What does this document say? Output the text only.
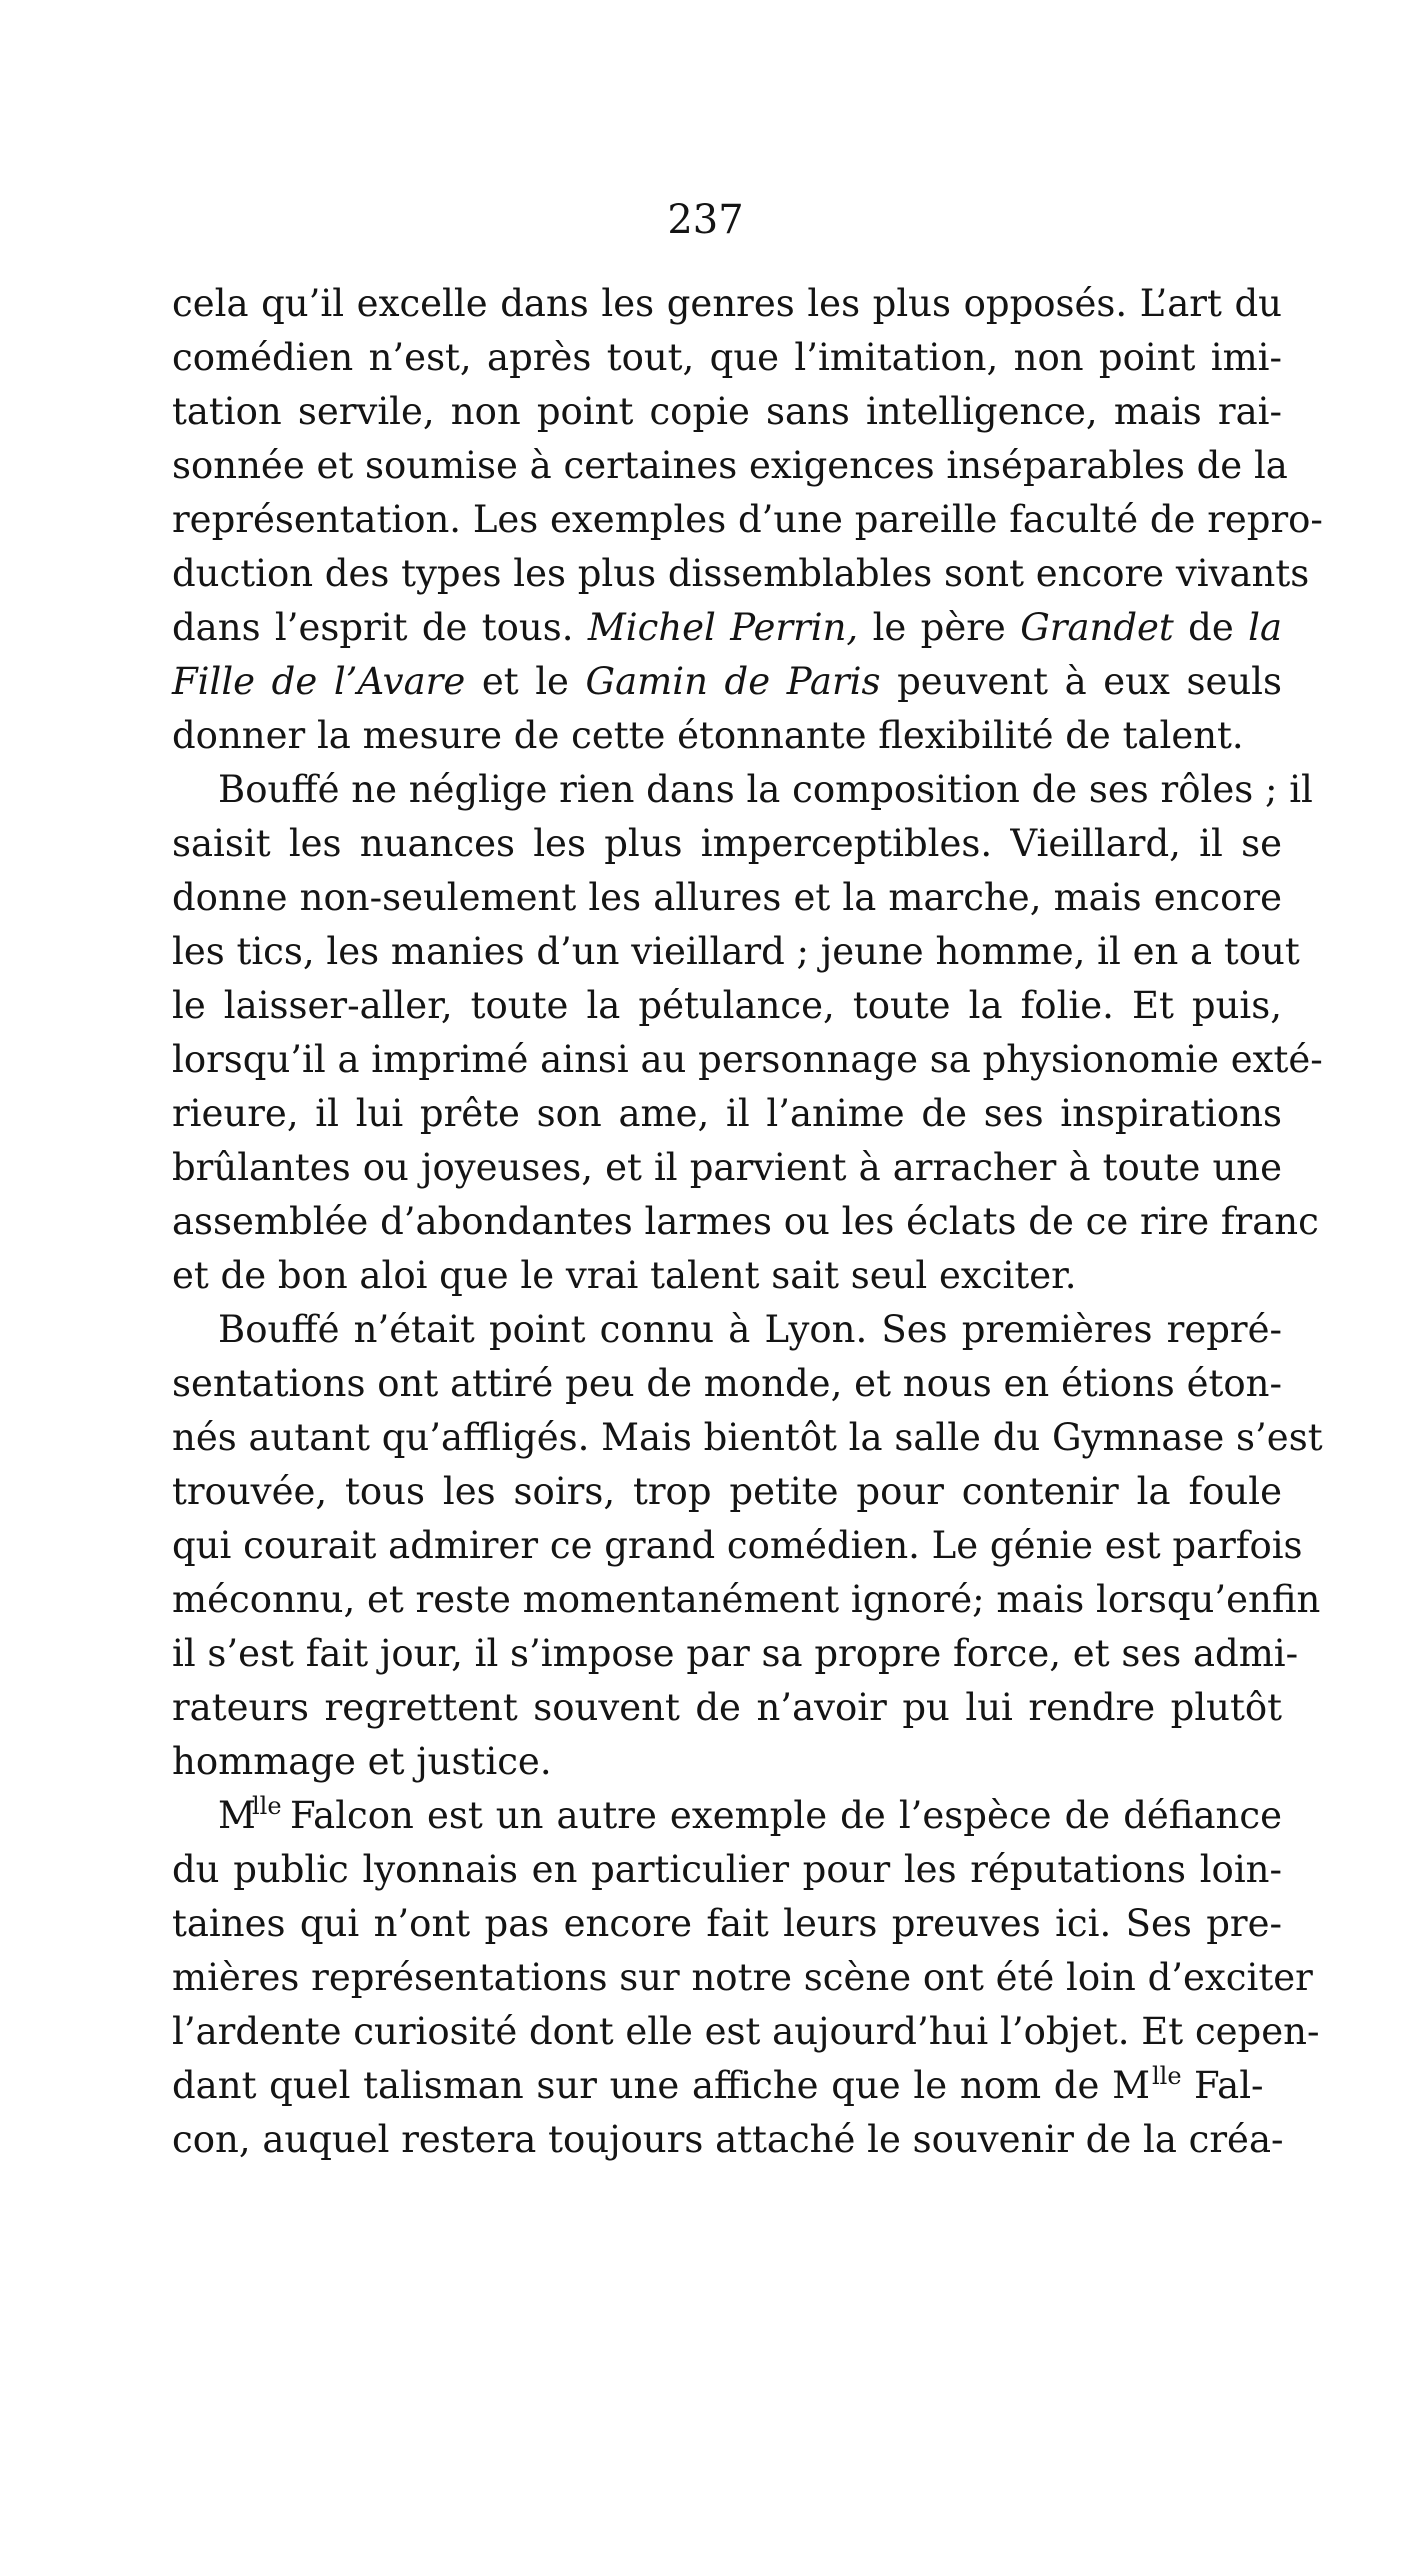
237
cela qu’il excelle dans les genres les plus opposés. L’art du
comédien n’est, après tout, que l’imitation, non point imi-
tation servile, non point copie sans intelligence, mais rai-
sonnée et soumise à certaines exigences inséparables de la
représentation. Les exemples d’une pareille faculté de repro-
duction des types les plus dissemblables sont encore vivants
dans l’esprit de tous. Michel Perrin, le père Grandet de la
Fille de l’Avare et le Gamin de Paris peuvent à eux seuls
donner la mesure de cette étonnante flexibilité de talent.
Bouffé ne néglige rien dans la composition de ses rôles ; il
saisit les nuances les plus imperceptibles. Vieillard, il se
donne non-seulement les allures et la marche, mais encore
les tics, les manies d’un vieillard ; jeune homme, il en a tout
le laisser-aller, toute la pétulance, toute la folie. Et puis,
lorsqu’il a imprimé ainsi au personnage sa physionomie exté-
rieure, il lui prête son ame, il l’anime de ses inspirations
brûlantes ou joyeuses, et il parvient à arracher à toute une
assemblée d’abondantes larmes ou les éclats de ce rire franc
et de bon aloi que le vrai talent sait seul exciter.
Bouffé n’était point connu à Lyon. Ses premières repré-
sentations ont attiré peu de monde, et nous en étions éton-
nés autant qu’affligés. Mais bientôt la salle du Gymnase s’est
trouvée, tous les soirs, trop petite pour contenir la foule
qui courait admirer ce grand comédien. Le génie est parfois
méconnu, et reste momentanément ignoré; mais lorsqu’enfin
il s’est fait jour, il s’impose par sa propre force, et ses admi-
rateurs regrettent souvent de n’avoir pu lui rendre plutôt
hommage et justice.
M
lle Falcon est un autre exemple de l’espèce de défiance
du public lyonnais en particulier pour les réputations loin-
taines qui n’ont pas encore fait leurs preuves ici. Ses pre-
mières représentations sur notre scène ont été loin d’exciter
l’ardente curiosité dont elle est aujourd’hui l’objet. Et cepen-
dant quel talisman sur une affiche que le nom de M lle Fal-
con, auquel restera toujours attaché le souvenir de la créa-
